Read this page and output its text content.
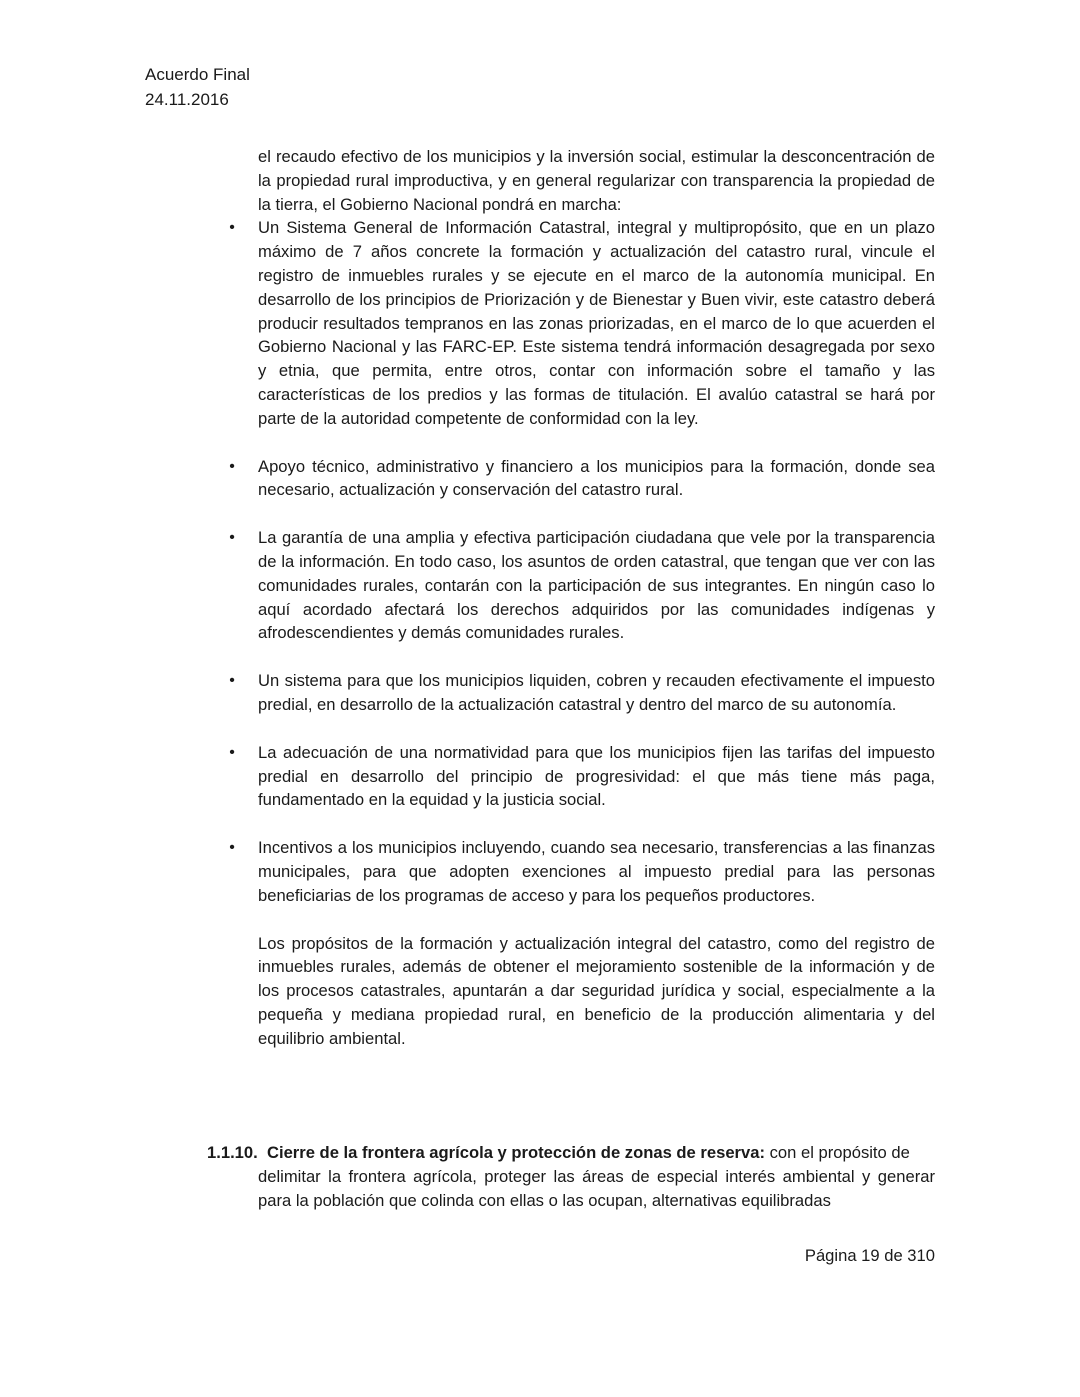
Acuerdo Final
24.11.2016

el recaudo efectivo de los municipios y la inversión social, estimular la desconcentración de la propiedad rural improductiva, y en general regularizar con transparencia la propiedad de la tierra, el Gobierno Nacional pondrá en marcha:

• Un Sistema General de Información Catastral, integral y multipropósito, que en un plazo máximo de 7 años concrete la formación y actualización del catastro rural, vincule el registro de inmuebles rurales y se ejecute en el marco de la autonomía municipal. En desarrollo de los principios de Priorización y de Bienestar y Buen vivir, este catastro deberá producir resultados tempranos en las zonas priorizadas, en el marco de lo que acuerden el Gobierno Nacional y las FARC-EP. Este sistema tendrá información desagregada por sexo y etnia, que permita, entre otros, contar con información sobre el tamaño y las características de los predios y las formas de titulación. El avalúo catastral se hará por parte de la autoridad competente de conformidad con la ley.
• Apoyo técnico, administrativo y financiero a los municipios para la formación, donde sea necesario, actualización y conservación del catastro rural.
• La garantía de una amplia y efectiva participación ciudadana que vele por la transparencia de la información. En todo caso, los asuntos de orden catastral, que tengan que ver con las comunidades rurales, contarán con la participación de sus integrantes. En ningún caso lo aquí acordado afectará los derechos adquiridos por las comunidades indígenas y afrodescendientes y demás comunidades rurales.
• Un sistema para que los municipios liquiden, cobren y recauden efectivamente el impuesto predial, en desarrollo de la actualización catastral y dentro del marco de su autonomía.
• La adecuación de una normatividad para que los municipios fijen las tarifas del impuesto predial en desarrollo del principio de progresividad: el que más tiene más paga, fundamentado en la equidad y la justicia social.
• Incentivos a los municipios incluyendo, cuando sea necesario, transferencias a las finanzas municipales, para que adopten exenciones al impuesto predial para las personas beneficiarias de los programas de acceso y para los pequeños productores.

Los propósitos de la formación y actualización integral del catastro, como del registro de inmuebles rurales, además de obtener el mejoramiento sostenible de la información y de los procesos catastrales, apuntarán a dar seguridad jurídica y social, especialmente a la pequeña y mediana propiedad rural, en beneficio de la producción alimentaria y del equilibrio ambiental.

1.1.10. Cierre de la frontera agrícola y protección de zonas de reserva: con el propósito de
delimitar la frontera agrícola, proteger las áreas de especial interés ambiental y generar para la población que colinda con ellas o las ocupan, alternativas equilibradas
Página 19 de 310
